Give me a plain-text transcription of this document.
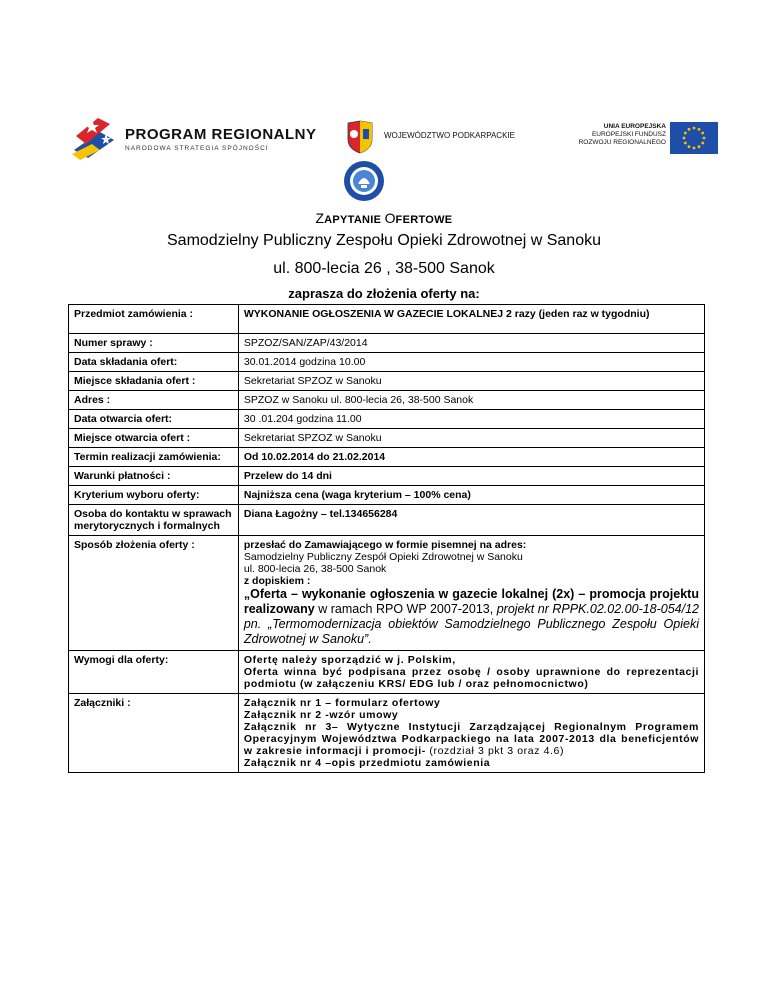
PROGRAM REGIONALNY
NARODOWA STRATEGIA SPÓJNOŚCI
WOJEWÓDZTWO PODKARPACKIE
UNIA EUROPEJSKA
EUROPEJSKI FUNDUSZ
ROZWOJU REGIONALNEGO
ZAPYTANIE OFERTOWE
Samodzielny Publiczny Zespołu Opieki Zdrowotnej w Sanoku
ul. 800-lecia 26 , 38-500 Sanok
zaprasza do złożenia oferty na:
Przedmiot zamówienia :	WYKONANIE OGŁOSZENIA W GAZECIE LOKALNEJ 2 razy (jeden raz w tygodniu)
Numer sprawy :	SPZOZ/SAN/ZAP/43/2014
Data składania ofert:	30.01.2014 godzina 10.00
Miejsce składania ofert :	Sekretariat SPZOZ w Sanoku
Adres :	SPZOZ w Sanoku ul. 800-lecia 26, 38-500 Sanok
Data otwarcia ofert:	30 .01.204 godzina 11.00
Miejsce otwarcia ofert :	Sekretariat SPZOZ w Sanoku
Termin realizacji zamówienia:	Od 10.02.2014 do 21.02.2014
Warunki płatności :	Przelew do 14 dni
Kryterium wyboru oferty:	Najniższa cena (waga kryterium – 100% cena)
Osoba do kontaktu w sprawach merytorycznych i formalnych	Diana Łagożny – tel.134656284
Sposób złożenia oferty :	przesłać do Zamawiającego w formie pisemnej na adres:
Samodzielny Publiczny Zespół Opieki Zdrowotnej w Sanoku
ul. 800-lecia 26, 38-500 Sanok
z dopiskiem :
„Oferta – wykonanie ogłoszenia w gazecie lokalnej (2x) – promocja projektu realizowany w ramach RPO WP 2007-2013, projekt nr RPPK.02.02.00-18-054/12 pn. „Termomodernizacja obiektów Samodzielnego Publicznego Zespołu Opieki Zdrowotnej w Sanoku”.

Wymogi dla oferty:	Ofertę należy sporządzić w j. Polskim,
Oferta winna być podpisana przez osobę / osoby uprawnione do reprezentacji podmiotu (w załączeniu KRS/ EDG lub / oraz pełnomocnictwo)

Załączniki :	Załącznik nr 1 – formularz ofertowy
Załącznik nr 2 -wzór umowy
Załącznik nr 3– Wytyczne Instytucji Zarządzającej Regionalnym Programem Operacyjnym Województwa Podkarpackiego na lata 2007-2013 dla beneficjentów w zakresie informacji i promocji- (rozdział 3 pkt 3 oraz 4.6)
Załącznik nr 4 –opis przedmiotu zamówienia
